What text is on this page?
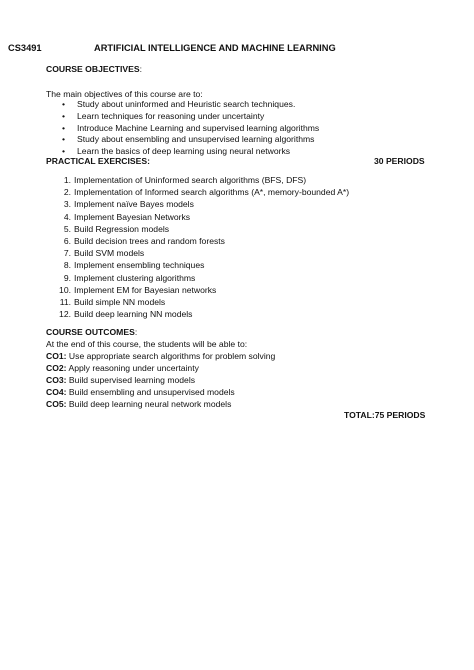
CS3491	ARTIFICIAL INTELLIGENCE AND MACHINE LEARNING
COURSE OBJECTIVES:
The main objectives of this course are to:
• Study about uninformed and Heuristic search techniques.
• Learn techniques for reasoning under uncertainty
• Introduce Machine Learning and supervised learning algorithms
• Study about ensembling and unsupervised learning algorithms
• Learn the basics of deep learning using neural networks
PRACTICAL EXERCISES:	30 PERIODS
1. Implementation of Uninformed search algorithms (BFS, DFS)
2. Implementation of Informed search algorithms (A*, memory-bounded A*)
3. Implement naïve Bayes models
4. Implement Bayesian Networks
5. Build Regression models
6. Build decision trees and random forests
7. Build SVM models
8. Implement ensembling techniques
9. Implement clustering algorithms
10. Implement EM for Bayesian networks
11. Build simple NN models
12. Build deep learning NN models
COURSE OUTCOMES:
At the end of this course, the students will be able to:
CO1: Use appropriate search algorithms for problem solving
CO2: Apply reasoning under uncertainty
CO3: Build supervised learning models
CO4: Build ensembling and unsupervised models
CO5: Build deep learning neural network models
TOTAL:75 PERIODS
